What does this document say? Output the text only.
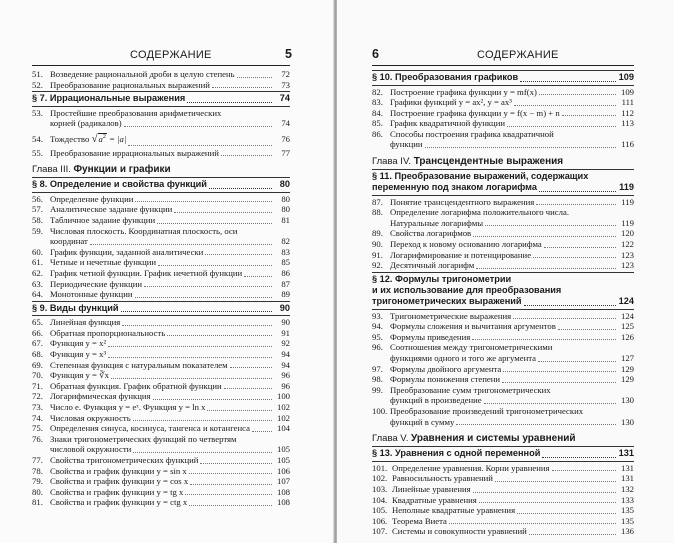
СОДЕРЖАНИЕ	5
51. Возведение рациональной дроби в целую степень	72
52. Преобразование рациональных выражений	73
§ 7. Иррациональные выражения	74
53. Простейшие преобразования арифметических
корней (радикалов)	74
54. Тождество $√a^2 = |a|$	76
55. Преобразование иррациональных выражений	77
Глава III. Функции и графики
§ 8. Определение и свойства функций	80
56. Определение функции	80
57. Аналитическое задание функции	80
58. Табличное задание функции	81
59. Числовая плоскость. Координатная плоскость, оси
координат	82
60. График функции, заданной аналитически	83
61. Четные и нечетные функции	85
62. График четной функции. График нечетной функции	86
63. Периодические функции	87
64. Монотонные функции	89
§ 9. Виды функций	90
65. Линейная функция	90
66. Обратная пропорциональность	91
67. Функция y = x²	92
68. Функция y = x³	94
69. Степенная функция с натуральным показателем	94
70. Функция y = ∛x	96
71. Обратная функция. График обратной функции	96
72. Логарифмическая функция	100
73. Число e. Функция y = eˣ. Функция y = ln x	102
74. Числовая окружность	102
75. Определения синуса, косинуса, тангенса и котангенса	104
76. Знаки тригонометрических функций по четвертям
числовой окружности	105
77. Свойства тригонометрических функций	105
78. Свойства и график функции y = sin x	106
79. Свойства и график функции y = cos x	107
80. Свойства и график функции y = tg x	108
81. Свойства и график функции y = ctg x	108
6	СОДЕРЖАНИЕ
§ 10. Преобразования графиков	109
82. Построение графика функции y = mf(x)	109
83. Графики функций y = ax², y = ax³	111
84. Построение графика функции y = f(x − m) + n	112
85. График квадратичной функции	113
86. Способы построения графика квадратичной
функции	116
Глава IV. Трансцендентные выражения
§ 11. Преобразование выражений, содержащих
переменную под знаком логарифма	119
87. Понятие трансцендентного выражения	119
88. Определение логарифма положительного числа.
Натуральные логарифмы	119
89. Свойства логарифмов	120
90. Переход к новому основанию логарифма	122
91. Логарифмирование и потенцирование	123
92. Десятичный логарифм	123
§ 12. Формулы тригонометрии
и их использование для преобразования
тригонометрических выражений	124
93. Тригонометрические выражения	124
94. Формулы сложения и вычитания аргументов	125
95. Формулы приведения	126
96. Соотношения между тригонометрическими
функциями одного и того же аргумента	127
97. Формулы двойного аргумента	129
98. Формулы понижения степени	129
99. Преобразование сумм тригонометрических
функций в произведение	130
100. Преобразование произведений тригонометрических
функций в сумму	130
Глава V. Уравнения и системы уравнений
§ 13. Уравнения с одной переменной	131
101. Определение уравнения. Корни уравнения	131
102. Равносильность уравнений	131
103. Линейные уравнения	132
104. Квадратные уравнения	133
105. Неполные квадратные уравнения	135
106. Теорема Виета	135
107. Системы и совокупности уравнений	136
